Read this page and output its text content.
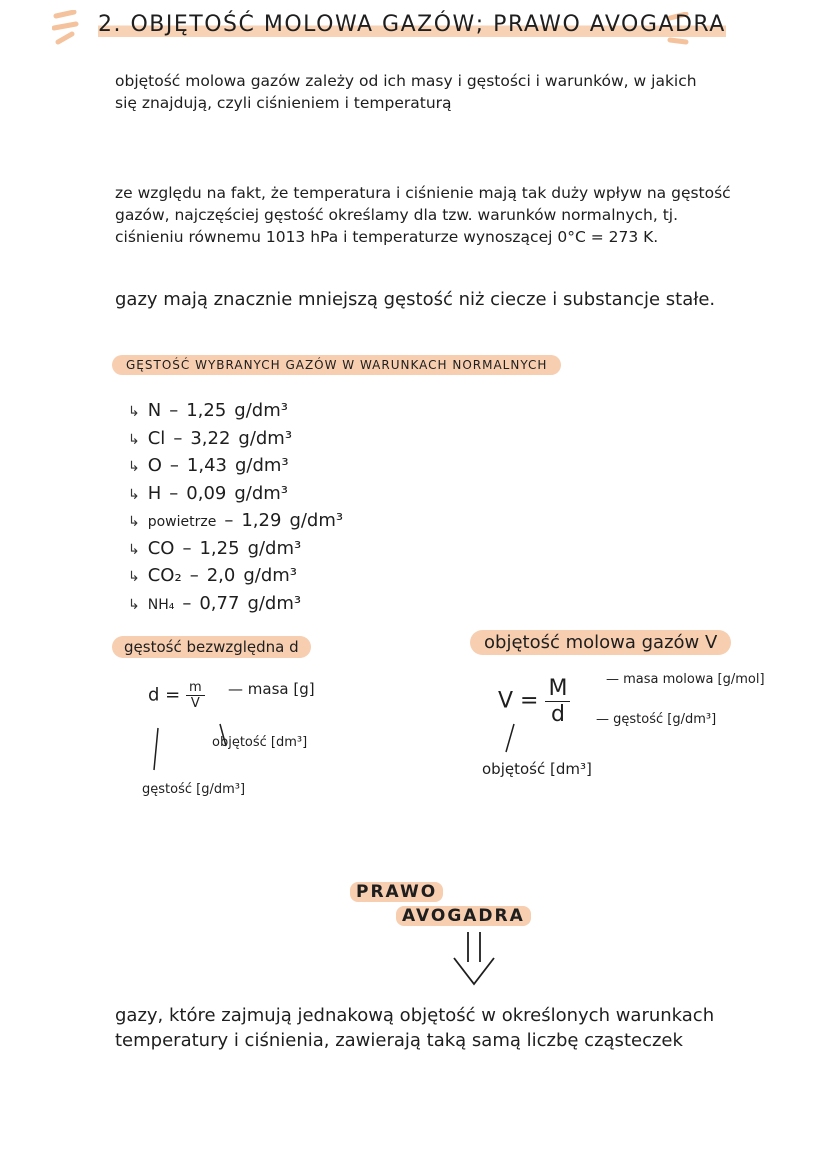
2. OBJĘTOŚĆ MOLOWA GAZÓW; PRAWO AVOGADRA
objętość molowa gazów zależy od ich masy i gęstości i warunków, w jakich się znajdują, czyli ciśnieniem i temperaturą
ze względu na fakt, że temperatura i ciśnienie mają tak duży wpływ na gęstość gazów, najczęściej gęstość określamy dla tzw. warunków normalnych, tj. ciśnieniu równemu 1013 hPa i temperaturze wynoszącej 0°C = 273 K.
gazy mają znacznie mniejszą gęstość niż ciecze i substancje stałe.
GĘSTOŚĆ WYBRANYCH GAZÓW W WARUNKACH NORMALNYCH
↳ N – 1,25 g/dm³
↳ Cl – 3,22 g/dm³
↳ O – 1,43 g/dm³
↳ H – 0,09 g/dm³
↳ powietrze – 1,29 g/dm³
↳ CO – 1,25 g/dm³
↳ CO₂ – 2,0 g/dm³
↳ NH₄ – 0,77 g/dm³
gęstość bezwzględna d
$d = \frac{m}{V}$ — masa [g]
objętość [dm³]
gęstość [g/dm³]
objętość molowa gazów V
$V = \frac{M}{d}$	— masa molowa [g/mol]
— gęstość [g/dm³]
objętość [dm³]
PRAWO
AVOGADRA
gazy, które zajmują jednakową objętość w określonych warunkach temperatury i ciśnienia, zawierają taką samą liczbę cząsteczek
